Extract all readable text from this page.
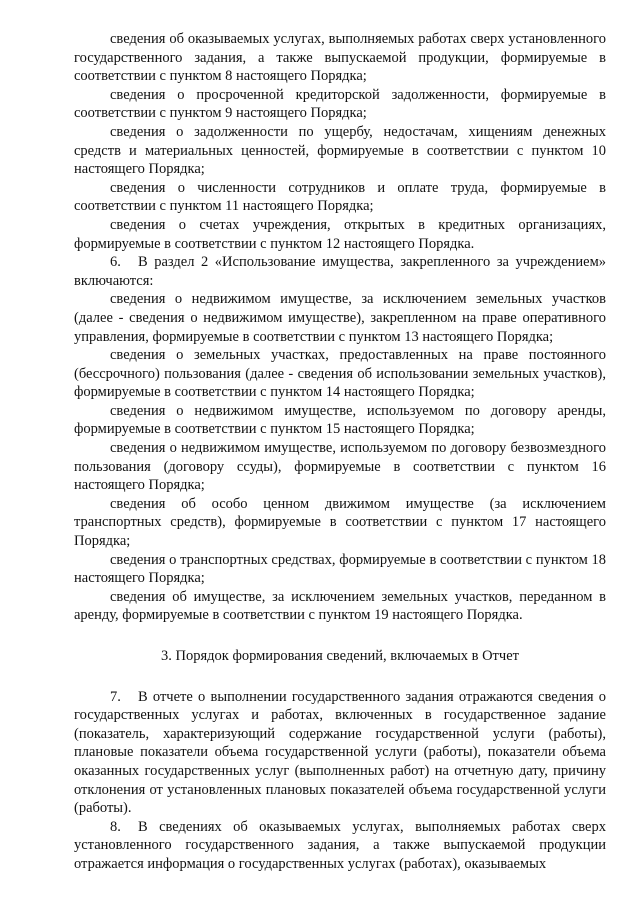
сведения об оказываемых услугах, выполняемых работах сверх установленного государственного задания, а также выпускаемой продукции, формируемые в соответствии с пунктом 8 настоящего Порядка;

сведения о просроченной кредиторской задолженности, формируемые в соответствии с пунктом 9 настоящего Порядка;

сведения о задолженности по ущербу, недостачам, хищениям денежных средств и материальных ценностей, формируемые в соответствии с пунктом 10 настоящего Порядка;

сведения о численности сотрудников и оплате труда, формируемые в соответствии с пунктом 11 настоящего Порядка;

сведения о счетах учреждения, открытых в кредитных организациях, формируемые в соответствии с пунктом 12 настоящего Порядка.

6. В раздел 2 «Использование имущества, закрепленного за учреждением» включаются:

сведения о недвижимом имуществе, за исключением земельных участков (далее - сведения о недвижимом имуществе), закрепленном на праве оперативного управления, формируемые в соответствии с пунктом 13 настоящего Порядка;

сведения о земельных участках, предоставленных на праве постоянного (бессрочного) пользования (далее - сведения об использовании земельных участков), формируемые в соответствии с пунктом 14 настоящего Порядка;

сведения о недвижимом имуществе, используемом по договору аренды, формируемые в соответствии с пунктом 15 настоящего Порядка;

сведения о недвижимом имуществе, используемом по договору безвозмездного пользования (договору ссуды), формируемые в соответствии с пунктом 16 настоящего Порядка;

сведения об особо ценном движимом имуществе (за исключением транспортных средств), формируемые в соответствии с пунктом 17 настоящего Порядка;

сведения о транспортных средствах, формируемые в соответствии с пунктом 18 настоящего Порядка;

сведения об имуществе, за исключением земельных участков, переданном в аренду, формируемые в соответствии с пунктом 19 настоящего Порядка.

3. Порядок формирования сведений, включаемых в Отчет

7. В отчете о выполнении государственного задания отражаются сведения о государственных услугах и работах, включенных в государственное задание (показатель, характеризующий содержание государственной услуги (работы), плановые показатели объема государственной услуги (работы), показатели объема оказанных государственных услуг (выполненных работ) на отчетную дату, причину отклонения от установленных плановых показателей объема государственной услуги (работы).

8. В сведениях об оказываемых услугах, выполняемых работах сверх установленного государственного задания, а также выпускаемой продукции отражается информация о государственных услугах (работах), оказываемых
